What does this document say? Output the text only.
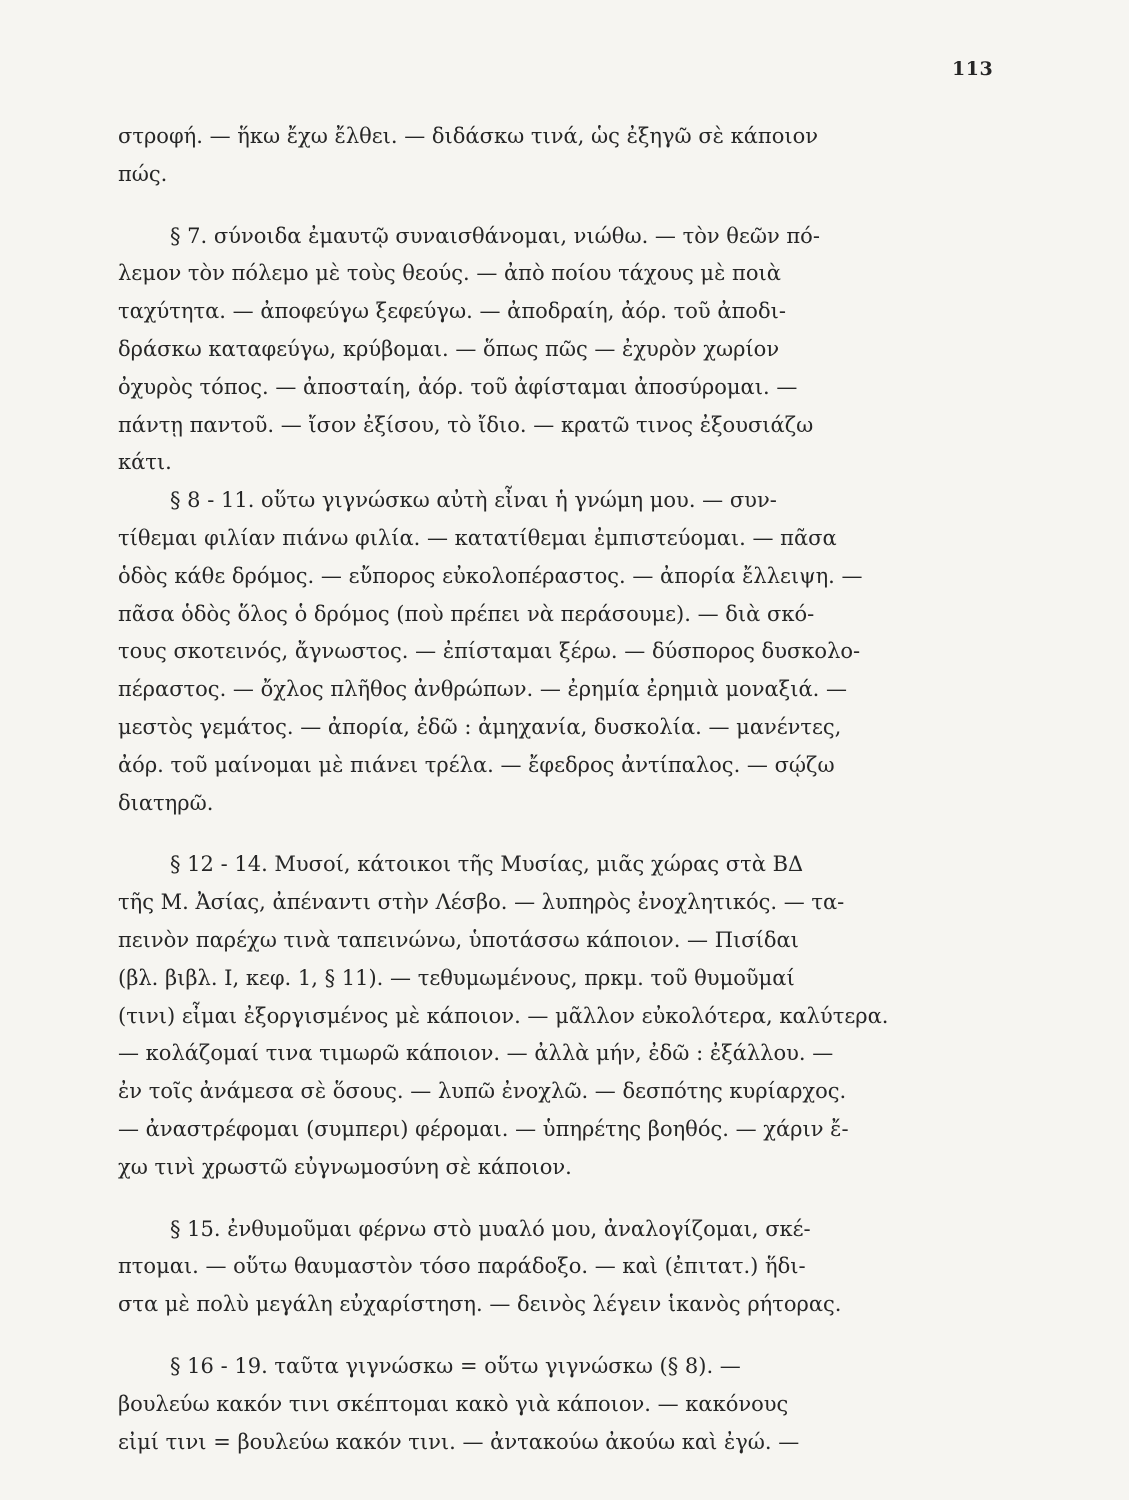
113

στροφή. — ἥκω ἔχω ἔλθει. — διδάσκω τινά, ὡς ἐξηγῶ σὲ κάποιον
πώς.

§ 7. σύνοιδα ἐμαυτῷ συναισθάνομαι, νιώθω. — τὸν θεῶν πό-
λεμον τὸν πόλεμο μὲ τοὺς θεούς. — ἀπὸ ποίου τάχους μὲ ποιὰ
ταχύτητα. — ἀποφεύγω ξεφεύγω. — ἀποδραίη, ἀόρ. τοῦ ἀποδι-
δράσκω καταφεύγω, κρύβομαι. — ὅπως πῶς — ἐχυρὸν χωρίον
ὀχυρὸς τόπος. — ἀποσταίη, ἀόρ. τοῦ ἀφίσταμαι ἀποσύρομαι. —
πάντῃ παντοῦ. — ἴσον ἐξίσου, τὸ ἴδιο. — κρατῶ τινος ἐξουσιάζω
κάτι.

§ 8 - 11. οὕτω γιγνώσκω αὐτὴ εἶναι ἡ γνώμη μου. — συν-
τίθεμαι φιλίαν πιάνω φιλία. — κατατίθεμαι ἐμπιστεύομαι. — πᾶσα
ὁδὸς κάθε δρόμος. — εὔπορος εὐκολοπέραστος. — ἀπορία ἔλλειψη. —
πᾶσα ὁδὸς ὅλος ὁ δρόμος (ποὺ πρέπει νὰ περάσουμε). — διὰ σκό-
τους σκοτεινός, ἄγνωστος. — ἐπίσταμαι ξέρω. — δύσπορος δυσκολο-
πέραστος. — ὄχλος πλῆθος ἀνθρώπων. — ἐρημία ἐρημιὰ μοναξιά. —
μεστὸς γεμάτος. — ἀπορία, ἐδῶ : ἀμηχανία, δυσκολία. — μανέντες,
ἀόρ. τοῦ μαίνομαι μὲ πιάνει τρέλα. — ἔφεδρος ἀντίπαλος. — σῴζω
διατηρῶ.

§ 12 - 14. Μυσοί, κάτοικοι τῆς Μυσίας, μιᾶς χώρας στὰ ΒΔ
τῆς Μ. Ἀσίας, ἀπέναντι στὴν Λέσβο. — λυπηρὸς ἐνοχλητικός. — τα-
πεινὸν παρέχω τινὰ ταπεινώνω, ὑποτάσσω κάποιον. — Πισίδαι
(βλ. βιβλ. Ι, κεφ. 1, § 11). — τεθυμωμένους, πρκμ. τοῦ θυμοῦμαί
(τινι) εἶμαι ἐξοργισμένος μὲ κάποιον. — μᾶλλον εὐκολότερα, καλύτερα.
— κολάζομαί τινα τιμωρῶ κάποιον. — ἀλλὰ μήν, ἐδῶ : ἐξάλλου. —
ἐν τοῖς ἀνάμεσα σὲ ὅσους. — λυπῶ ἐνοχλῶ. — δεσπότης κυρίαρχος.
— ἀναστρέφομαι (συμπερι) φέρομαι. — ὑπηρέτης βοηθός. — χάριν ἔ-
χω τινὶ χρωστῶ εὐγνωμοσύνη σὲ κάποιον.

§ 15. ἐνθυμοῦμαι φέρνω στὸ μυαλό μου, ἀναλογίζομαι, σκέ-
πτομαι. — οὕτω θαυμαστὸν τόσο παράδοξο. — καὶ (ἐπιτατ.) ἥδι-
στα μὲ πολὺ μεγάλη εὐχαρίστηση. — δεινὸς λέγειν ἱκανὸς ρήτορας.

§ 16 - 19. ταῦτα γιγνώσκω = οὕτω γιγνώσκω (§ 8). —
βουλεύω κακόν τινι σκέπτομαι κακὸ γιὰ κάποιον. — κακόνους
εἰμί τινι = βουλεύω κακόν τινι. — ἀντακούω ἀκούω καὶ ἐγώ. —
